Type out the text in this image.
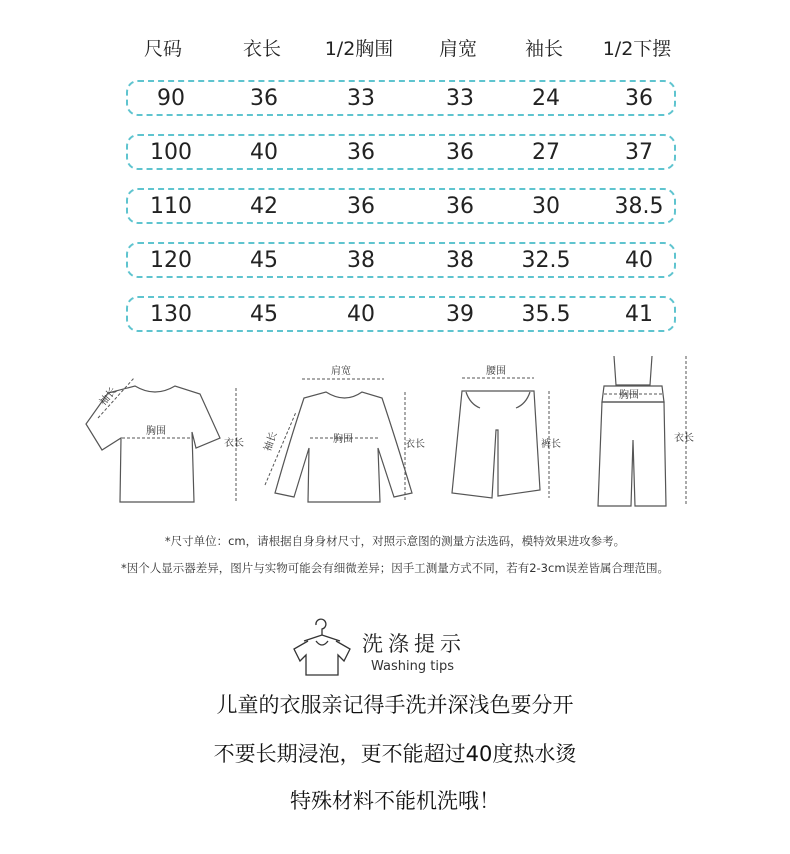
尺码	衣长	1/2胸围	肩宽	袖长	1/2下摆
90	36	33	33	24	36
100	40	36	36	27	37
110	42	36	36	30	38.5
120	45	38	38	32.5	40
130	45	40	39	35.5	41
袖长
胸围
衣长
肩宽
袖长	胸围	衣长
腰围
裤长
胸围
衣长
*尺寸单位：cm，请根据自身身材尺寸，对照示意图的测量方法选码，模特效果进攻参考。
*因个人显示器差异，图片与实物可能会有细微差异；因手工测量方式不同，若有2-3cm误差皆属合理范围。
洗涤提示
Washing tips
儿童的衣服亲记得手洗并深浅色要分开
不要长期浸泡，更不能超过40度热水烫
特殊材料不能机洗哦！
